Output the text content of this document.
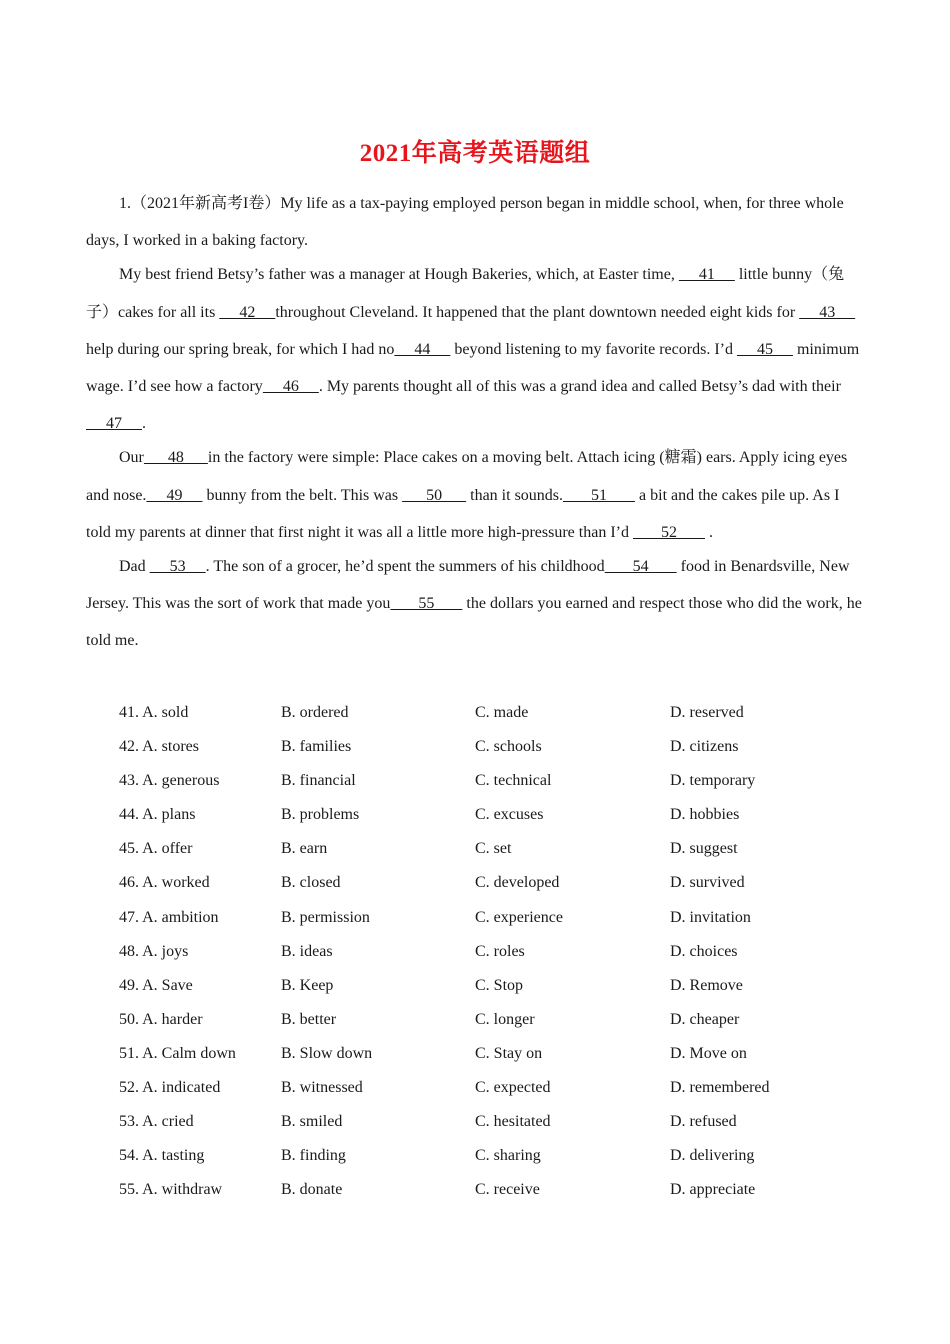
2021年高考英语题组

1.（2021年新高考I卷）My life as a tax-paying employed person began in middle school, when, for three whole days, I worked in a baking factory.

My best friend Betsy’s father was a manager at Hough Bakeries, which, at Easter time,      41      little bunny（兔子）cakes for all its      42     throughout Cleveland. It happened that the plant downtown needed eight kids for      43      help during our spring break, for which I had no     44      beyond listening to my favorite records. I’d      45      minimum wage. I’d see how a factory     46     . My parents thought all of this was a grand idea and called Betsy’s dad with their      47     .

Our      48      in the factory were simple: Place cakes on a moving belt. Attach icing (糖霜) ears. Apply icing eyes and nose.     49      bunny from the belt. This was       50       than it sounds.       51        a bit and the cakes pile up. As I told my parents at dinner that first night it was all a little more high-pressure than I’d        52        .

Dad      53     . The son of a grocer, he’d spent the summers of his childhood       54        food in Benardsville, New Jersey. This was the sort of work that made you       55        the dollars you earned and respect those who did the work, he told me.

41. A. sold	B. ordered	C. made	D. reserved
42. A. stores	B. families	C. schools	D. citizens
43. A. generous	B. financial	C. technical	D. temporary
44. A. plans	B. problems	C. excuses	D. hobbies
45. A. offer	B. earn	C. set	D. suggest
46. A. worked	B. closed	C. developed	D. survived
47. A. ambition	B. permission	C. experience	D. invitation
48. A. joys	B. ideas	C. roles	D. choices
49. A. Save	B. Keep	C. Stop	D. Remove
50. A. harder	B. better	C. longer	D. cheaper
51. A. Calm down	B. Slow down	C. Stay on	D. Move on
52. A. indicated	B. witnessed	C. expected	D. remembered
53. A. cried	B. smiled	C. hesitated	D. refused
54. A. tasting	B. finding	C. sharing	D. delivering
55. A. withdraw	B. donate	C. receive	D. appreciate
